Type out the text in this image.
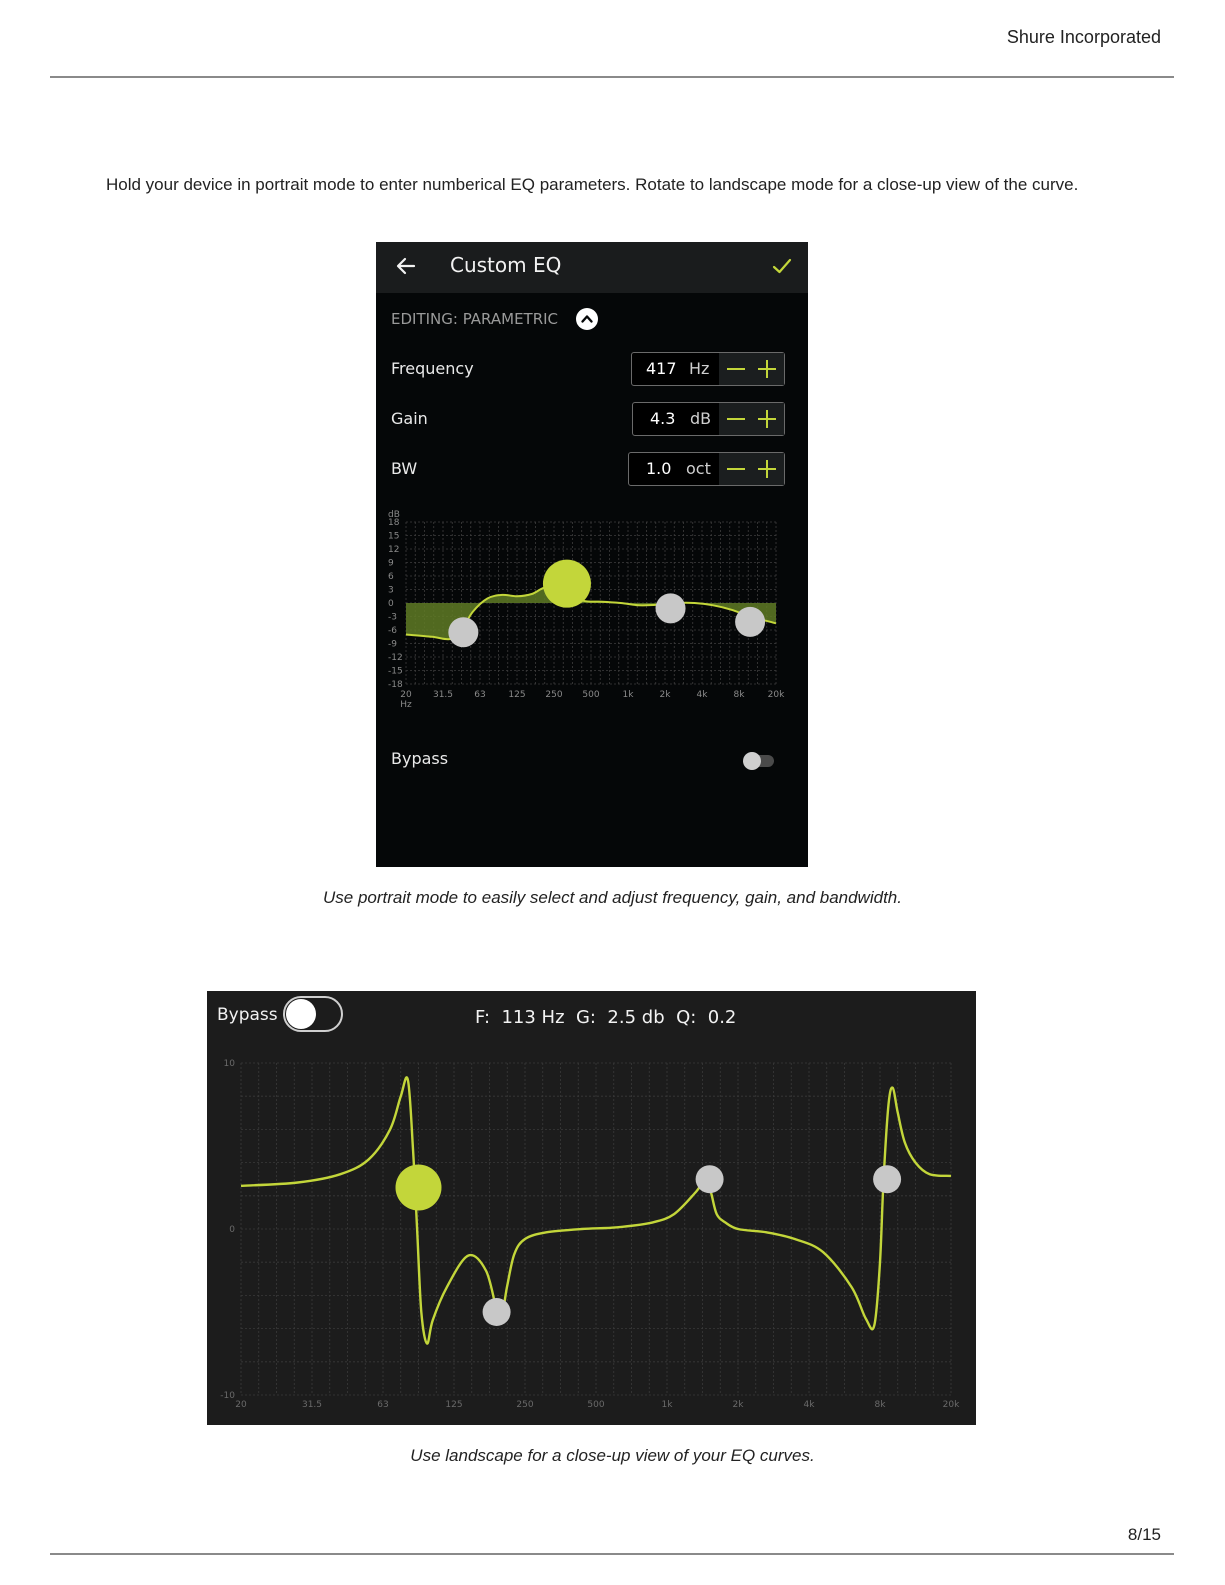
Shure Incorporated

Hold your device in portrait mode to enter numberical EQ parameters. Rotate to landscape mode for a close-up view of the curve.

Custom EQ
EDITING: PARAMETRIC
Frequency	417 Hz
Gain	4.3 dB
BW	1.0 oct
18
15
12
9
6
3
0
-3
-6
-9
-12
-15
-18
dB
20 31.5 63	125 250 500	1k	2k	4k	8k	20k
Hz
Bypass
Use portrait mode to easily select and adjust frequency, gain, and bandwidth.
Bypass	F:  113 Hz  G:  2.5 db  Q:  0.2
10
0
-10
20	31.5	63	125	250	500	1k	2k	4k	8k	20k
Use landscape for a close-up view of your EQ curves.
8/15
